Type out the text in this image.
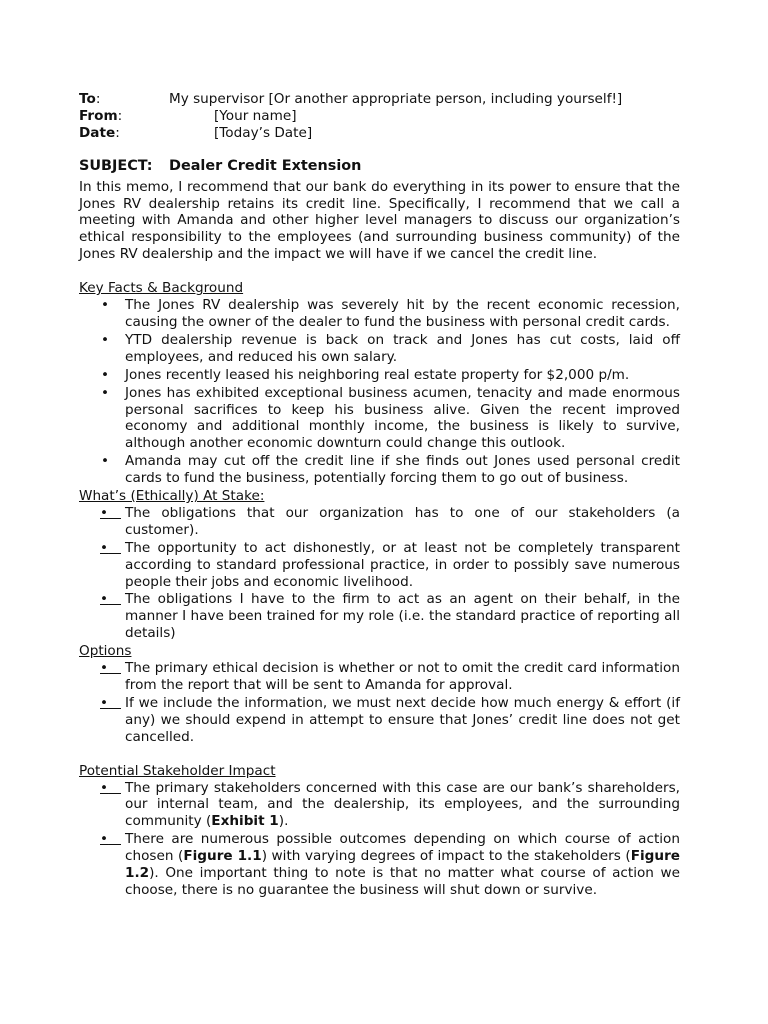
To:	My supervisor [Or another appropriate person, including yourself!]
From:	[Your name]
Date:	[Today’s Date]
SUBJECT:	Dealer Credit Extension

In this memo, I recommend that our bank do everything in its power to ensure that the Jones RV dealership retains its credit line. Specifically, I recommend that we call a meeting with Amanda and other higher level managers to discuss our organization’s ethical responsibility to the employees (and surrounding business community) of the Jones RV dealership and the impact we will have if we cancel the credit line.

Key Facts & Background

• The Jones RV dealership was severely hit by the recent economic recession, causing the owner of the dealer to fund the business with personal credit cards.
• YTD dealership revenue is back on track and Jones has cut costs, laid off employees, and reduced his own salary.
• Jones recently leased his neighboring real estate property for $2,000 p/m.
• Jones has exhibited exceptional business acumen, tenacity and made enormous personal sacrifices to keep his business alive. Given the recent improved economy and additional monthly income, the business is likely to survive, although another economic downturn could change this outlook.
• Amanda may cut off the credit line if she finds out Jones used personal credit cards to fund the business, potentially forcing them to go out of business.

What’s (Ethically) At Stake:

•	The obligations that our organization has to one of our stakeholders (a customer).
•	The opportunity to act dishonestly, or at least not be completely transparent according to standard professional practice, in order to possibly save numerous people their jobs and economic livelihood.
•	The obligations I have to the firm to act as an agent on their behalf, in the manner I have been trained for my role (i.e. the standard practice of reporting all details)

Options

•	The primary ethical decision is whether or not to omit the credit card information from the report that will be sent to Amanda for approval.
•	If we include the information, we must next decide how much energy & effort (if any) we should expend in attempt to ensure that Jones’ credit line does not get cancelled.

Potential Stakeholder Impact

•	The primary stakeholders concerned with this case are our bank’s shareholders, our internal team, and the dealership, its employees, and the surrounding community (Exhibit 1).
•	There are numerous possible outcomes depending on which course of action chosen (Figure 1.1) with varying degrees of impact to the stakeholders (Figure 1.2). One important thing to note is that no matter what course of action we choose, there is no guarantee the business will shut down or survive.
